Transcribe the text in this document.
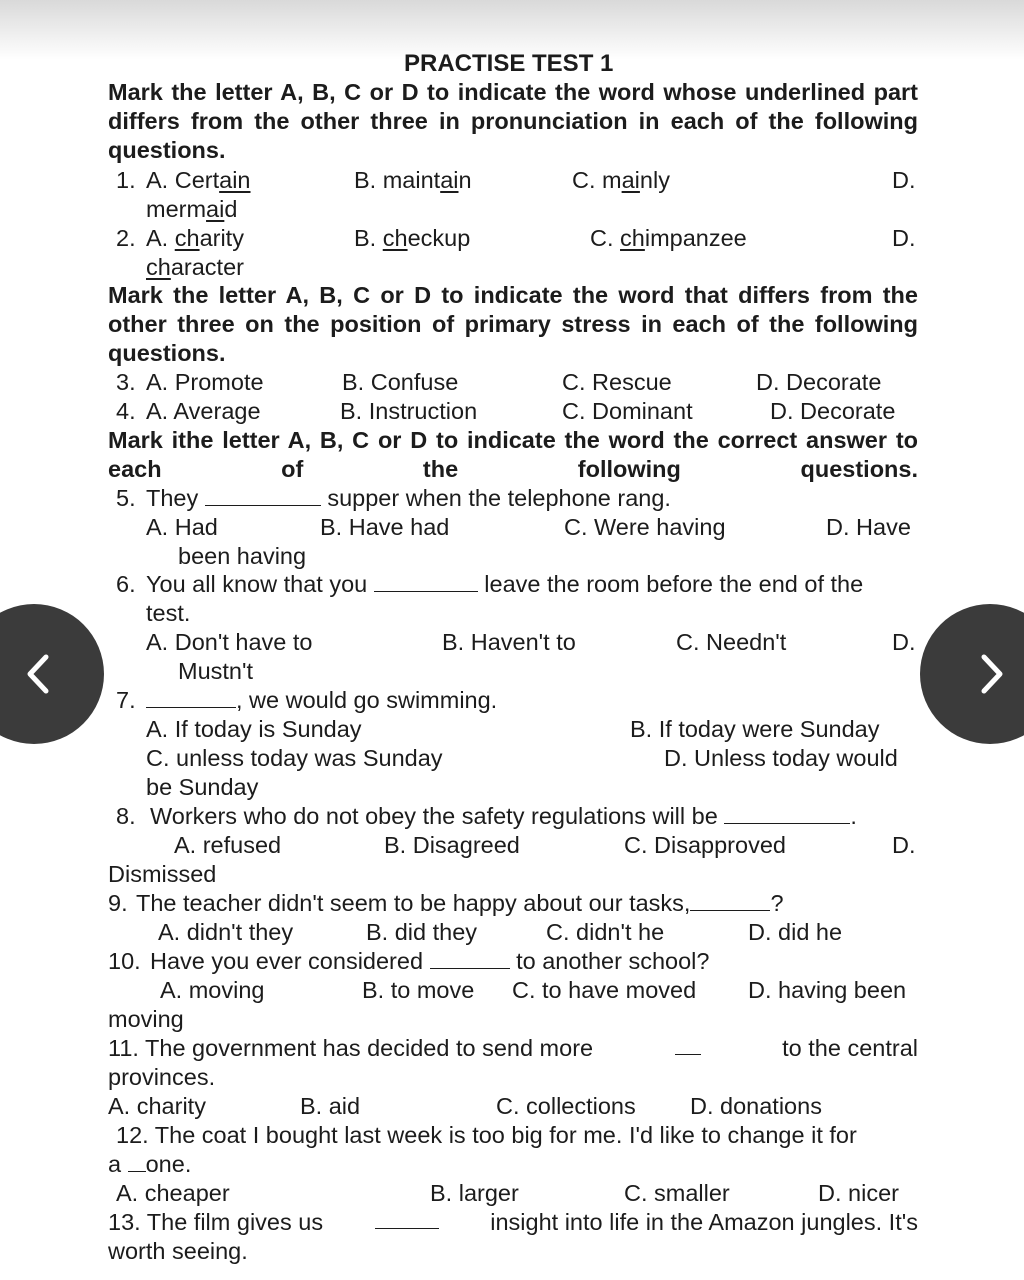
PRACTISE TEST 1
Mark the letter A, B, C or D to indicate the word whose underlined part differs from the other three in pronunciation in each of the following questions.
1. A. Certain	B. maintain	C. mainly	D.
mermaid
2. A. charity	B. checkup	C. chimpanzee	D.
character
Mark the letter A, B, C or D to indicate the word that differs from the other three on the position of primary stress in each of the following questions.
3. A. Promote	B. Confuse	C. Rescue	D. Decorate
4. A. Average	B. Instruction	C. Dominant	D. Decorate
Mark ithe letter A, B, C or D to indicate the word the correct answer to each of the following questions.
5. They	supper when the telephone rang.
A. Had	B. Have had	C. Were having	D. Have
been having
6. You all know that you	leave the room before the end of the
test.
A. Don't have to	B. Haven't to	C. Needn't	D.
Mustn't
7.	, we would go swimming.
A. If today is Sunday	B. If today were Sunday
C. unless today was Sunday	D. Unless today would
be Sunday
8. Workers who do not obey the safety regulations will be	.
A. refused	B. Disagreed	C. Disapproved	D.
Dismissed
9. The teacher didn't seem to be happy about our tasks,	?
A. didn't they	B. did they	C. didn't he	D. did he
10. Have you ever considered	to another school?
A. moving	B. to move C. to have moved D. having been
moving
11. The government has decided to send more	to the central
provinces.
A. charity	B. aid	C. collections D. donations
12. The coat I bought last week is too big for me. I'd like to change it for
a one.
A. cheaper	B. larger	C. smaller	D. nicer
13. The film gives us	insight into life in the Amazon jungles. It's
worth seeing.
